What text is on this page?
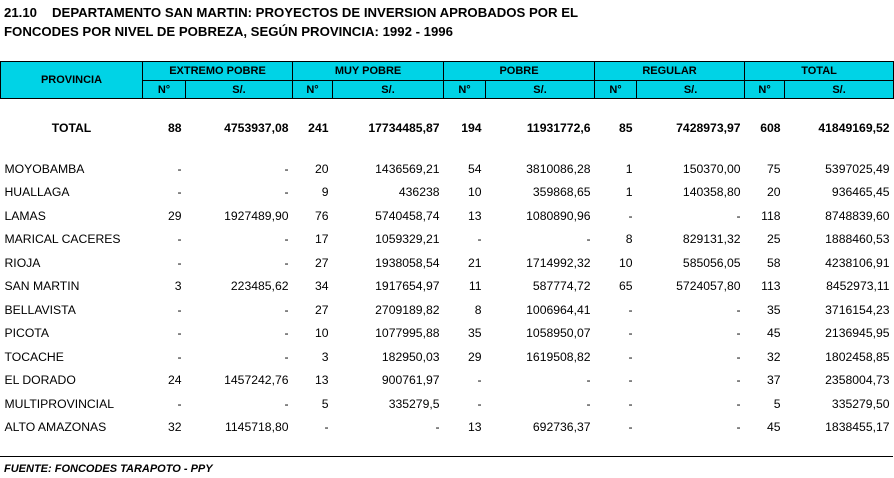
21.10 DEPARTAMENTO SAN MARTIN: PROYECTOS DE INVERSION APROBADOS POR EL
FONCODES POR NIVEL DE POBREZA, SEGÚN PROVINCIA: 1992 - 1996
PROVINCIA	EXTREMO POBRE		MUY POBRE		POBRE		REGULAR		TOTAL	
	N°	S/.	N°	S/.	N°	S/.	N°	S/.	N°	S/.

TOTAL	88	4753937,08	241	17734485,87	194	11931772,6	85	7428973,97	608	41849169,52

MOYOBAMBA	-	-	20	1436569,21	54	3810086,28	1	150370,00	75	5397025,49
HUALLAGA	-	-	9	436238	10	359868,65	1	140358,80	20	936465,45
LAMAS	29	1927489,90	76	5740458,74	13	1080890,96	-	-	118	8748839,60
MARICAL CACERES	-	-	17	1059329,21	-	-	8	829131,32	25	1888460,53
RIOJA	-	-	27	1938058,54	21	1714992,32	10	585056,05	58	4238106,91
SAN MARTIN	3	223485,62	34	1917654,97	11	587774,72	65	5724057,80	113	8452973,11
BELLAVISTA	-	-	27	2709189,82	8	1006964,41	-	-	35	3716154,23
PICOTA	-	-	10	1077995,88	35	1058950,07	-	-	45	2136945,95
TOCACHE	-	-	3	182950,03	29	1619508,82	-	-	32	1802458,85
EL DORADO	24	1457242,76	13	900761,97	-	-	-	-	37	2358004,73
MULTIPROVINCIAL	-	-	5	335279,5	-	-	-	-	5	335279,50
ALTO AMAZONAS	32	1145718,80	-	-	13	692736,37	-	-	45	1838455,17
FUENTE: FONCODES TARAPOTO - PPY
